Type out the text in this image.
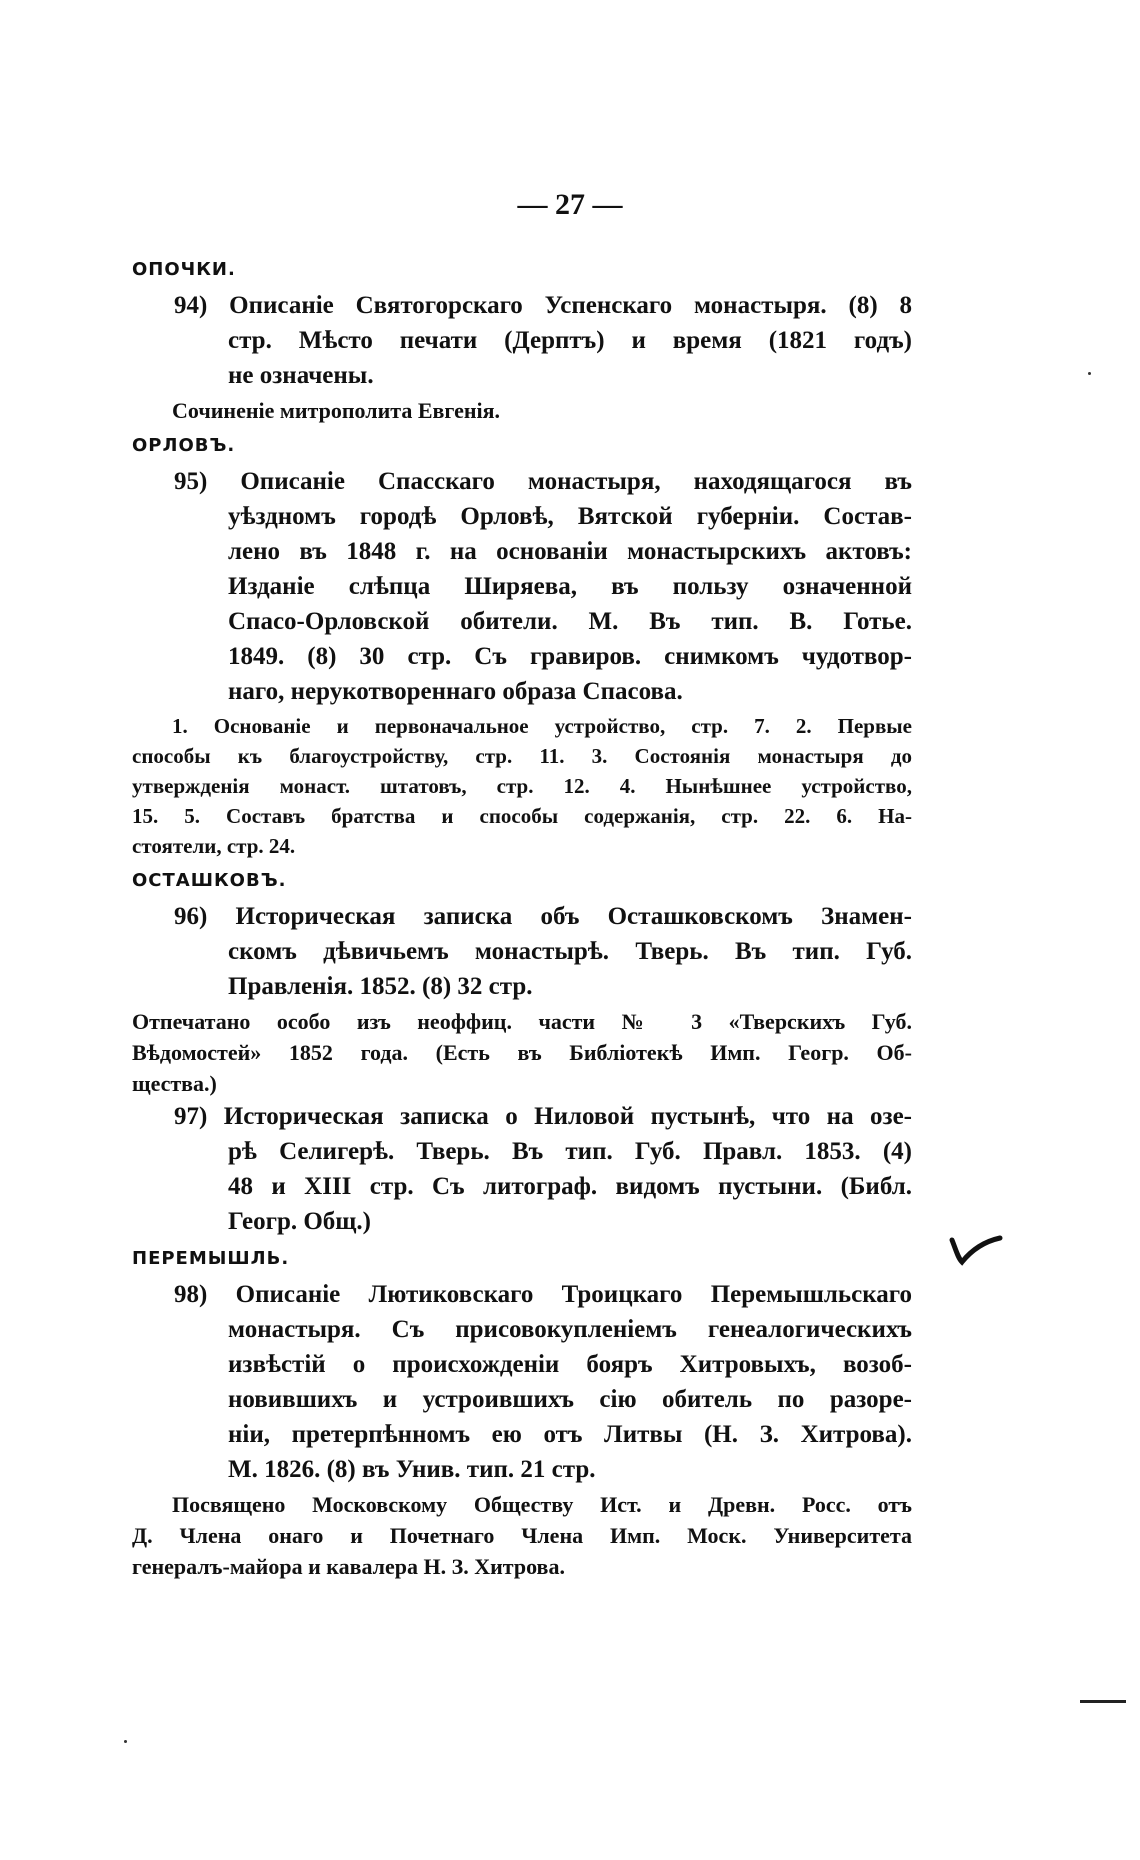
— 27 —
ОПОЧКИ.
94) Описаніе Святогорскаго Успенскаго монастыря. (8) 8
стр. Мѣсто печати (Дерптъ) и время (1821 годъ)
не означены.
Сочиненіе митрополита Евгенія.
ОРЛОВЪ.
95) Описаніе Спасскаго монастыря, находящагося въ
уѣздномъ городѣ Орловѣ, Вятской губерніи. Состав-
лено въ 1848 г. на основаніи монастырскихъ актовъ:
Изданіе слѣпца Ширяева, въ пользу означенной
Спасо-Орловской обители. М. Въ тип. В. Готье.
1849. (8) 30 стр. Съ гравиров. снимкомъ чудотвор-
наго, нерукотвореннаго образа Спасова.
1. Основаніе и первоначальное устройство, стр. 7. 2. Первые
способы къ благоустройству, стр. 11. 3. Состоянія монастыря до
утвержденія монаст. штатовъ, стр. 12. 4. Нынѣшнее устройство,
15. 5. Составъ братства и способы содержанія, стр. 22. 6. На-
стоятели, стр. 24.
ОСТАШКОВЪ.
96) Историческая записка объ Осташковскомъ Знамен-
скомъ дѣвичьемъ монастырѣ. Тверь. Въ тип. Губ.
Правленія. 1852. (8) 32 стр.
Отпечатано особо изъ неоффиц. части № 3 «Тверскихъ Губ.
Вѣдомостей» 1852 года. (Есть въ Библіотекѣ Имп. Геогр. Об-
щества.)
97) Историческая записка о Ниловой пустынѣ, что на озе-
рѣ Селигерѣ. Тверь. Въ тип. Губ. Правл. 1853. (4)
48 и XIII стр. Съ литограф. видомъ пустыни. (Библ.
Геогр. Общ.)
ПЕРЕМЫШЛЬ.
98) Описаніе Лютиковскаго Троицкаго Перемышльскаго
монастыря. Съ присовокупленіемъ генеалогическихъ
извѣстій о происхожденіи бояръ Хитровыхъ, возоб-
новившихъ и устроившихъ сію обитель по разоре-
ніи, претерпѣнномъ ею отъ Литвы (Н. З. Хитрова).
М. 1826. (8) въ Унив. тип. 21 стр.
Посвящено Московскому Обществу Ист. и Древн. Росс. отъ
Д. Члена онаго и Почетнаго Члена Имп. Моск. Университета
генералъ-майора и кавалера Н. З. Хитрова.
